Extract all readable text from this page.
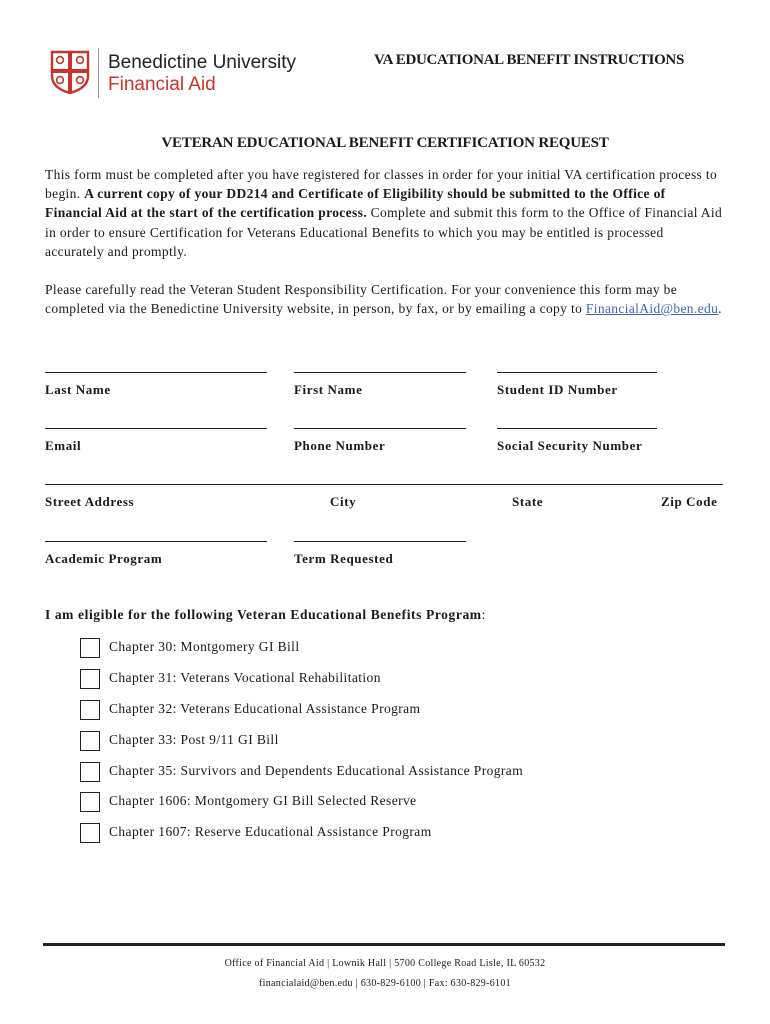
Benedictine University
Financial Aid
VA EDUCATIONAL BENEFIT INSTRUCTIONS
VETERAN EDUCATIONAL BENEFIT CERTIFICATION REQUEST
This form must be completed after you have registered for classes in order for your initial VA certification process to begin. A current copy of your DD214 and Certificate of Eligibility should be submitted to the Office of Financial Aid at the start of the certification process. Complete and submit this form to the Office of Financial Aid in order to ensure Certification for Veterans Educational Benefits to which you may be entitled is processed accurately and promptly.
Please carefully read the Veteran Student Responsibility Certification. For your convenience this form may be completed via the Benedictine University website, in person, by fax, or by emailing a copy to FinancialAid@ben.edu.
Last Name	First Name	Student ID Number
Email	Phone Number	Social Security Number
Street Address	City	State	Zip Code
Academic Program	Term Requested
I am eligible for the following Veteran Educational Benefits Program:
Chapter 30: Montgomery GI Bill
Chapter 31: Veterans Vocational Rehabilitation
Chapter 32: Veterans Educational Assistance Program
Chapter 33: Post 9/11 GI Bill
Chapter 35: Survivors and Dependents Educational Assistance Program
Chapter 1606: Montgomery GI Bill Selected Reserve
Chapter 1607: Reserve Educational Assistance Program
Office of Financial Aid | Lownik Hall | 5700 College Road Lisle, IL 60532
financialaid@ben.edu | 630-829-6100 | Fax: 630-829-6101
